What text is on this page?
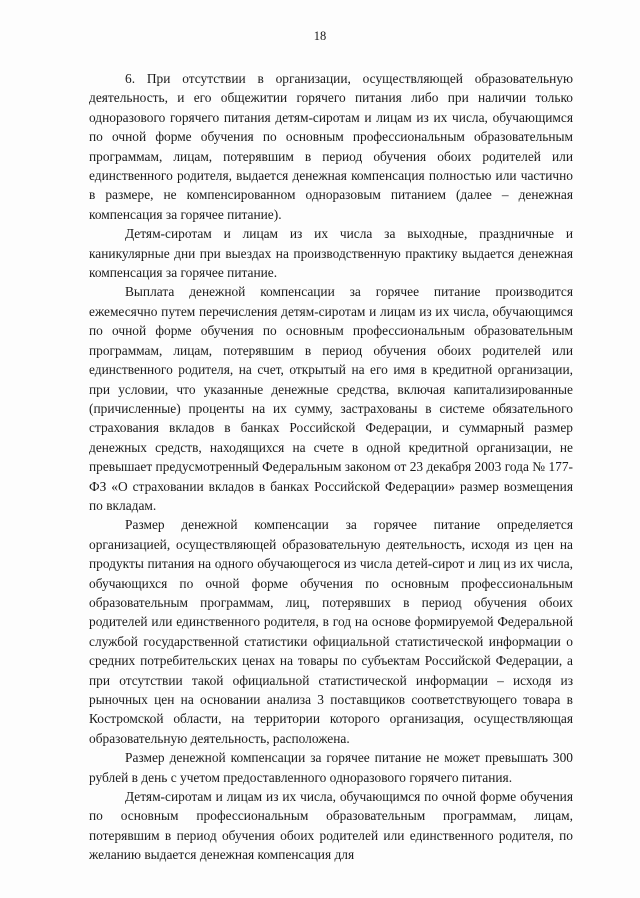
18

6. При отсутствии в организации, осуществляющей образовательную деятельность, и его общежитии горячего питания либо при наличии только одноразового горячего питания детям-сиротам и лицам из их числа, обучающимся по очной форме обучения по основным профессиональным образовательным программам, лицам, потерявшим в период обучения обоих родителей или единственного родителя, выдается денежная компенсация полностью или частично в размере, не компенсированном одноразовым питанием (далее – денежная компенсация за горячее питание).

Детям-сиротам и лицам из их числа за выходные, праздничные и каникулярные дни при выездах на производственную практику выдается денежная компенсация за горячее питание.

Выплата денежной компенсации за горячее питание производится ежемесячно путем перечисления детям-сиротам и лицам из их числа, обучающимся по очной форме обучения по основным профессиональным образовательным программам, лицам, потерявшим в период обучения обоих родителей или единственного родителя, на счет, открытый на его имя в кредитной организации, при условии, что указанные денежные средства, включая капитализированные (причисленные) проценты на их сумму, застрахованы в системе обязательного страхования вкладов в банках Российской Федерации, и суммарный размер денежных средств, находящихся на счете в одной кредитной организации, не превышает предусмотренный Федеральным законом от 23 декабря 2003 года № 177-ФЗ «О страховании вкладов в банках Российской Федерации» размер возмещения по вкладам.

Размер денежной компенсации за горячее питание определяется организацией, осуществляющей образовательную деятельность, исходя из цен на продукты питания на одного обучающегося из числа детей-сирот и лиц из их числа, обучающихся по очной форме обучения по основным профессиональным образовательным программам, лиц, потерявших в период обучения обоих родителей или единственного родителя, в год на основе формируемой Федеральной службой государственной статистики официальной статистической информации о средних потребительских ценах на товары по субъектам Российской Федерации, а при отсутствии такой официальной статистической информации – исходя из рыночных цен на основании анализа 3 поставщиков соответствующего товара в Костромской области, на территории которого организация, осуществляющая образовательную деятельность, расположена.

Размер денежной компенсации за горячее питание не может превышать 300 рублей в день с учетом предоставленного одноразового горячего питания.

Детям-сиротам и лицам из их числа, обучающимся по очной форме обучения по основным профессиональным образовательным программам, лицам, потерявшим в период обучения обоих родителей или единственного родителя, по желанию выдается денежная компенсация для
